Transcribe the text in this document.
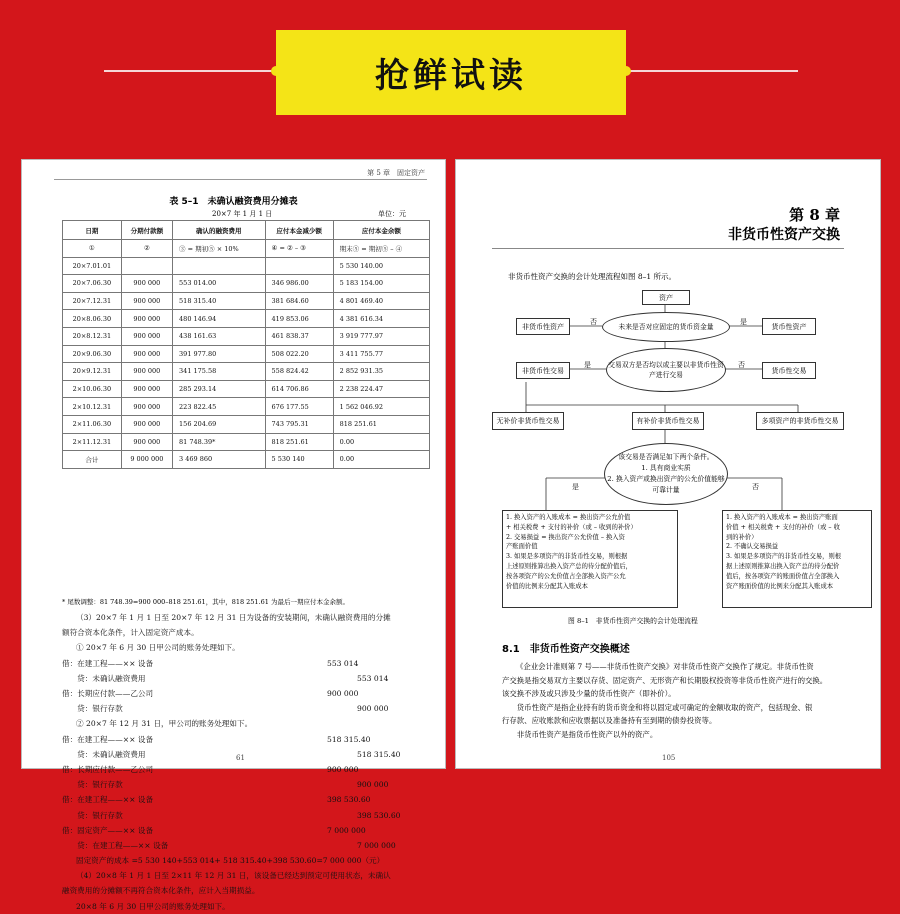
抢鲜试读
第 5 章　固定资产
表 5–1　未确认融资费用分摊表
20×7 年 1 月 1 日	单位：元
日期	分期付款额	确认的融资费用	应付本金减少额	应付本金余额
①	②	③ = 期初⑤ × 10%	④ = ② – ③	期末⑤ = 期初⑤ – ④
20×7.01.01				5 530 140.00
20×7.06.30	900 000	553 014.00	346 986.00	5 183 154.00
20×7.12.31	900 000	518 315.40	381 684.60	4 801 469.40
20×8.06.30	900 000	480 146.94	419 853.06	4 381 616.34
20×8.12.31	900 000	438 161.63	461 838.37	3 919 777.97
20×9.06.30	900 000	391 977.80	508 022.20	3 411 755.77
20×9.12.31	900 000	341 175.58	558 824.42	2 852 931.35
2×10.06.30	900 000	285 293.14	614 706.86	2 238 224.47
2×10.12.31	900 000	223 822.45	676 177.55	1 562 046.92
2×11.06.30	900 000	156 204.69	743 795.31	818 251.61
2×11.12.31	900 000	81 748.39*	818 251.61	0.00
合计	9 000 000	3 469 860	5 530 140	0.00
* 尾数调整：81 748.39=900 000–818 251.61，其中，818 251.61 为最后一期应付本金余额。

（3）20×7 年 1 月 1 日至 20×7 年 12 月 31 日为设备的安装期间，未确认融资费用的分摊

额符合资本化条件，计入固定资产成本。

① 20×7 年 6 月 30 日甲公司的账务处理如下。

借：在建工程——×× 设备	553 014
　　贷：未确认融资费用	553 014
借：长期应付款——乙公司	900 000
　　贷：银行存款	900 000

② 20×7 年 12 月 31 日，甲公司的账务处理如下。

借：在建工程——×× 设备	518 315.40
　　贷：未确认融资费用	518 315.40
借：长期应付款——乙公司	900 000
　　贷：银行存款	900 000
借：在建工程——×× 设备	398 530.60
　　贷：银行存款	398 530.60
借：固定资产——×× 设备	7 000 000
　　贷：在建工程——×× 设备	7 000 000

固定资产的成本 =5 530 140+553 014+ 518 315.40+398 530.60=7 000 000（元）

（4）20×8 年 1 月 1 日至 2×11 年 12 月 31 日，该设备已经达到预定可使用状态，未确认

融资费用的分摊额不再符合资本化条件，应计入当期损益。

20×8 年 6 月 30 日甲公司的账务处理如下。

61
第 8 章
非货币性资产交换
非货币性资产交换的会计处理流程如图 8–1 所示。
资产
未来是否对应固定的货币资金量
否	是
非货币性资产	货币性资产
交易双方是否均以或主要以非货币性资产进行交易
是	否
非货币性交易	货币性交易
无补价非货币性交易	有补价非货币性交易	多项资产的非货币性交易
该交易是否满足如下两个条件。
1. 具有商业实质
2. 换入资产或换出资产的公允价值能够可靠计量
是	否
1. 换入资产的入账成本 = 换出资产公允价值
+ 相关税费 + 支付的补价（或 – 收到的补价）
2. 交易损益 = 换出资产公允价值 – 换入资
产账面价值
3. 如果是多项资产的非货币性交易，则根据
上述原则推算出换入资产总的待分配价值后，
按各项资产的公允价值占全部换入资产公允
价值的比例来分配其入账成本
1. 换入资产的入账成本 = 换出资产账面
价值 + 相关税费 + 支付的补价（或 – 收
到的补价）
2. 不确认交易损益
3. 如果是多项资产的非货币性交易，则根
据上述原则推算出换入资产总的待分配价
值后，按各项资产的账面价值占全部换入
资产账面价值的比例来分配其入账成本
图 8–1　非货币性资产交换的会计处理流程
8.1　非货币性资产交换概述

《企业会计准则第 7 号——非货币性资产交换》对非货币性资产交换作了规定。非货币性资

产交换是指交易双方主要以存货、固定资产、无形资产和长期股权投资等非货币性资产进行的交换。

该交换不涉及或只涉及少量的货币性资产（即补价）。

　　货币性资产是指企业持有的货币资金和将以固定或可确定的金额收取的资产，包括现金、银

行存款、应收账款和应收票据以及准备持有至到期的债券投资等。

　　非货币性资产是指货币性资产以外的资产。

105
